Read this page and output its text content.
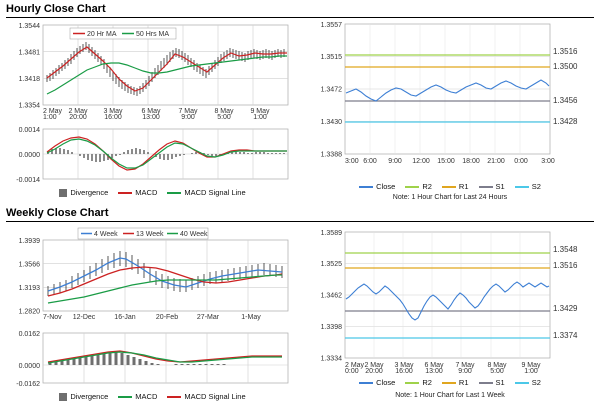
Hourly Close Chart
1.3544
1.3481
1.3418
1.3354
2 May
1:00
2 May
20:00
3 May
16:00
6 May
13:00
7 May
9:00
8 May
5:00
9 May
1:00
20 Hr MA	50 Hrs MA
0.0014
0.0000
-0.0014
Divergence	MACD	MACD Signal Line
1.3557
1.3515
1.3472
1.3430
1.3388
3:00 6:00 9:00 12:00 15:00 18:00 21:00 0:00 3:00
1.3516
1.3500
1.3456
1.3428
Close	R2	R1	S1	S2
Note: 1 Hour Chart for Last 24 Hours
Weekly Close Chart
1.3939
1.3566
1.3193
1.2820
7-Nov 12-Dec	16-Jan	20-Feb	27-Mar	1-May
4 Week	13 Week 40 Week
0.0162
0.0000
-0.0162
Divergence	MACD	MACD Signal Line
1.3589
1.3525
1.3462
1.3398
1.3334
2 May
0:00
2 May
20:00
3 May
16:00
6 May
13:00
7 May
9:00
8 May
5:00
9 May
1:00
1.3548
1.3516
1.3429
1.3374
Close	R2	R1	S1	S2
Note: 1 Hour Chart for Last 1 Week
